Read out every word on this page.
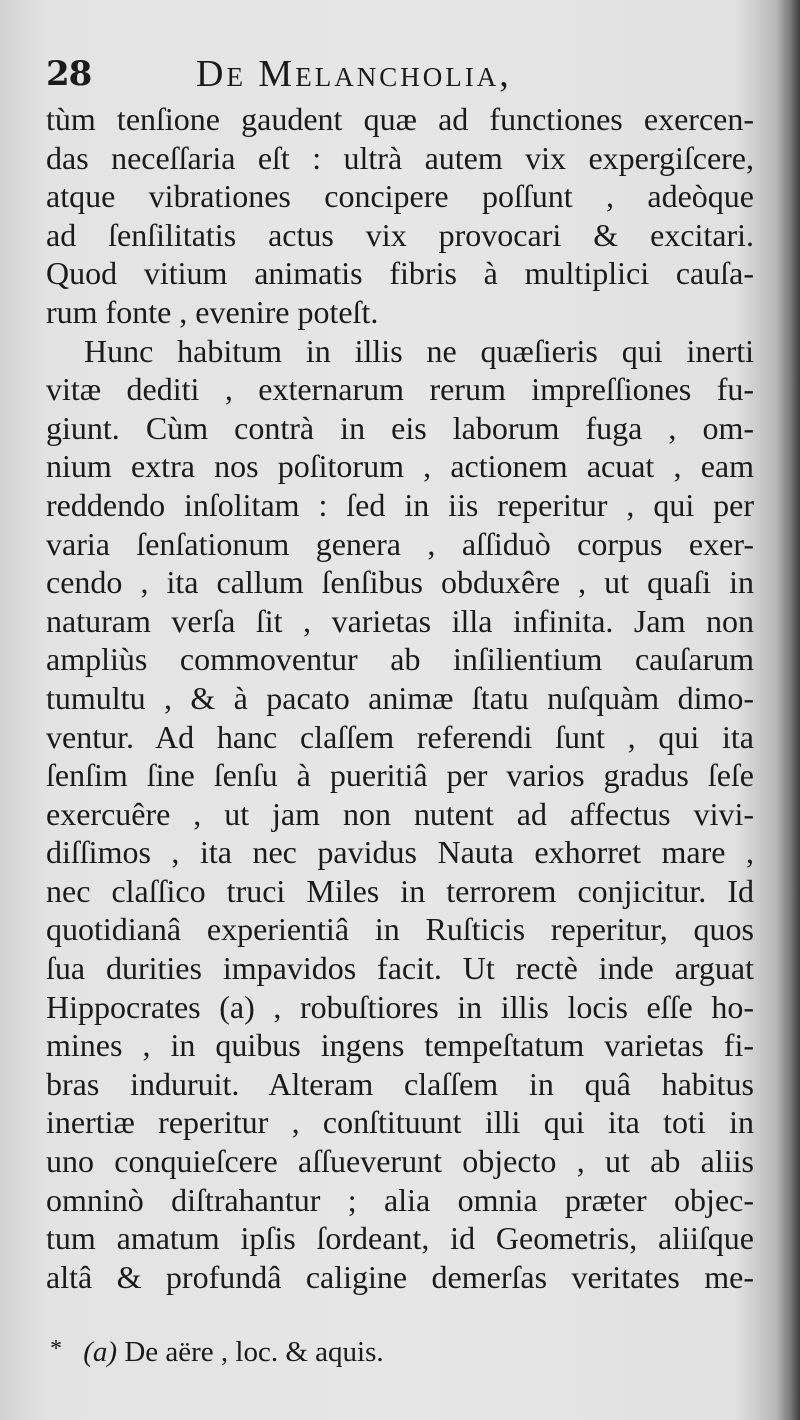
28	De Melancholia,
tùm tenſione gaudent quæ ad functiones exercen-
das neceſſaria eſt : ultrà autem vix expergiſcere,
atque vibrationes concipere poſſunt , adeòque
ad ſenſilitatis actus vix provocari & excitari.
Quod vitium animatis fibris à multiplici cauſa-
rum fonte , evenire poteſt.
Hunc habitum in illis ne quæſieris qui inerti
vitæ dediti , externarum rerum impreſſiones fu-
giunt. Cùm contrà in eis laborum fuga , om-
nium extra nos poſitorum , actionem acuat , eam
reddendo inſolitam : ſed in iis reperitur , qui per
varia ſenſationum genera , aſſiduò corpus exer-
cendo , ita callum ſenſibus obduxêre , ut quaſi in
naturam verſa ſit , varietas illa infinita. Jam non
ampliùs commoventur ab inſilientium cauſarum
tumultu , & à pacato animæ ſtatu nuſquàm dimo-
ventur. Ad hanc claſſem referendi ſunt , qui ita
ſenſim ſine ſenſu à pueritiâ per varios gradus ſeſe
exercuêre , ut jam non nutent ad affectus vivi-
diſſimos , ita nec pavidus Nauta exhorret mare ,
nec claſſico truci Miles in terrorem conjicitur. Id
quotidianâ experientiâ in Ruſticis reperitur, quos
ſua durities impavidos facit. Ut rectè inde arguat
Hippocrates (a) , robuſtiores in illis locis eſſe ho-
mines , in quibus ingens tempeſtatum varietas fi-
bras induruit. Alteram claſſem in quâ habitus
inertiæ reperitur , conſtituunt illi qui ita toti in
uno conquieſcere aſſueverunt objecto , ut ab aliis
omninò diſtrahantur ; alia omnia præter objec-
tum amatum ipſis ſordeant, id Geometris, aliiſque
altâ & profundâ caligine demerſas veritates me-
* (a) De aëre , loc. & aquis.
